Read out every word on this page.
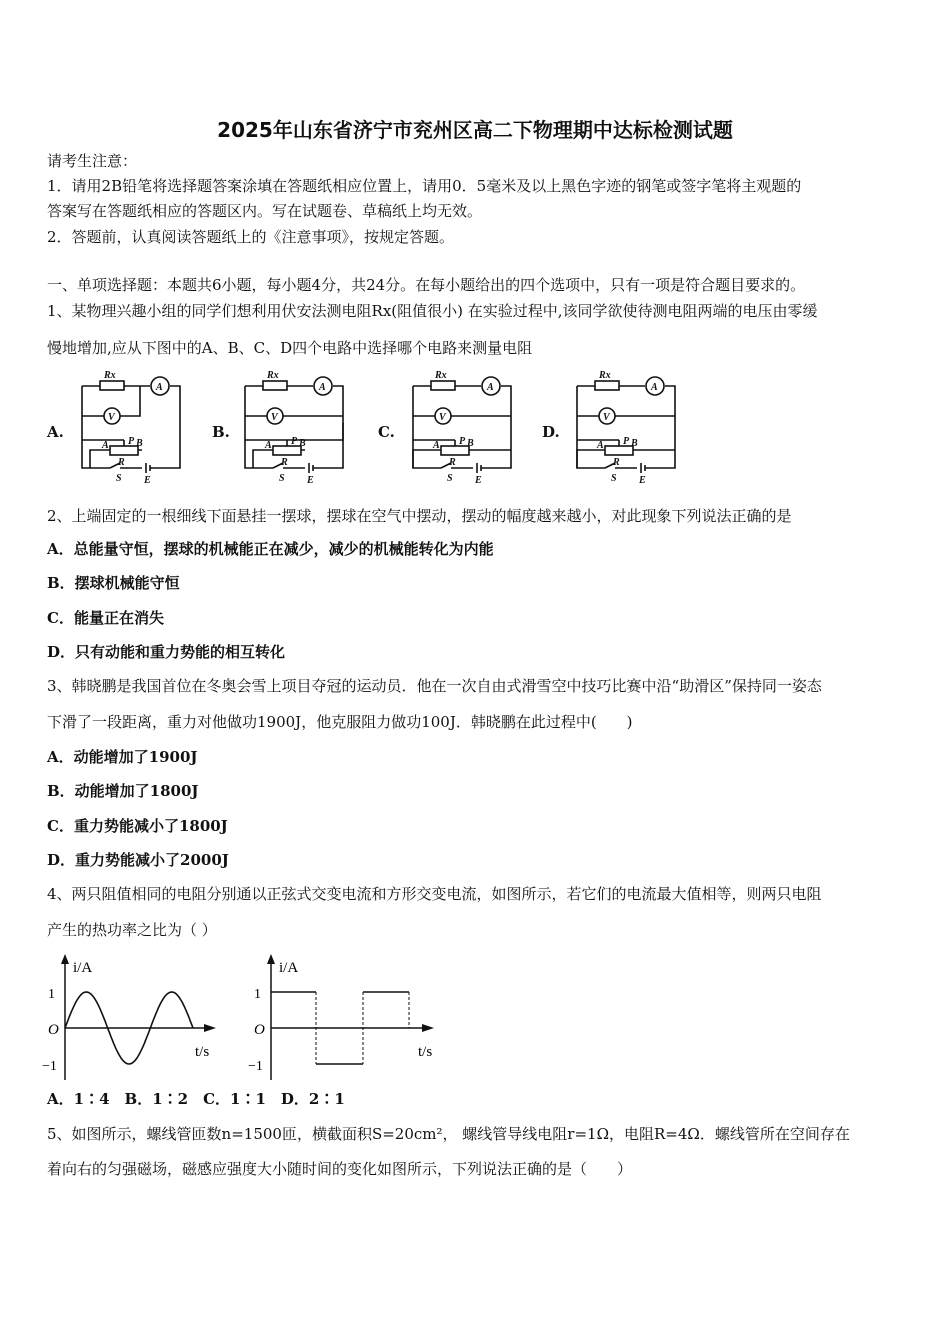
2025年山东省济宁市兖州区高二下物理期中达标检测试题
请考生注意：
1．请用2B铅笔将选择题答案涂填在答题纸相应位置上，请用0．5毫米及以上黑色字迹的钢笔或签字笔将主观题的
答案写在答题纸相应的答题区内。写在试题卷、草稿纸上均无效。
2．答题前，认真阅读答题纸上的《注意事项》，按规定答题。
一、单项选择题：本题共6小题，每小题4分，共24分。在每小题给出的四个选项中，只有一项是符合题目要求的。
1、某物理兴趣小组的同学们想利用伏安法测电阻Rx(阻值很小) 在实验过程中,该同学欲使待测电阻两端的电压由零缓
慢地增加,应从下图中的A、B、C、D四个电路中选择哪个电路来测量电阻
A.	B.	C.	D.
Rx
A
V
P
A	B
R
S E
Rx
A
V
P
A	B
R
S E
Rx
A
V
P
A	B
R
S E
Rx
A
V
P
A	B
R
S E
2、上端固定的一根细线下面悬挂一摆球，摆球在空气中摆动，摆动的幅度越来越小，对此现象下列说法正确的是
A．总能量守恒，摆球的机械能正在减少，减少的机械能转化为内能
B．摆球机械能守恒
C．能量正在消失
D．只有动能和重力势能的相互转化
3、韩晓鹏是我国首位在冬奥会雪上项目夺冠的运动员．他在一次自由式滑雪空中技巧比赛中沿“助滑区”保持同一姿态
下滑了一段距离，重力对他做功1900J，他克服阻力做功100J．韩晓鹏在此过程中(　　)
A．动能增加了1900J
B．动能增加了1800J
C．重力势能减小了1800J
D．重力势能减小了2000J
4、两只阻值相同的电阻分别通以正弦式交变电流和方形交变电流，如图所示，若它们的电流最大值相等，则两只电阻
产生的热功率之比为（ ）
i/A
1
−1
O
t/s
i/A
1
−1
O
t/s
A．1∶4　B．1∶2　C．1∶1　D．2∶1
5、如图所示，螺线管匝数n=1500匝，横截面积S=20cm²， 螺线管导线电阻r=1Ω，电阻R=4Ω．螺线管所在空间存在
着向右的匀强磁场，磁感应强度大小随时间的变化如图所示，下列说法正确的是（　　）
